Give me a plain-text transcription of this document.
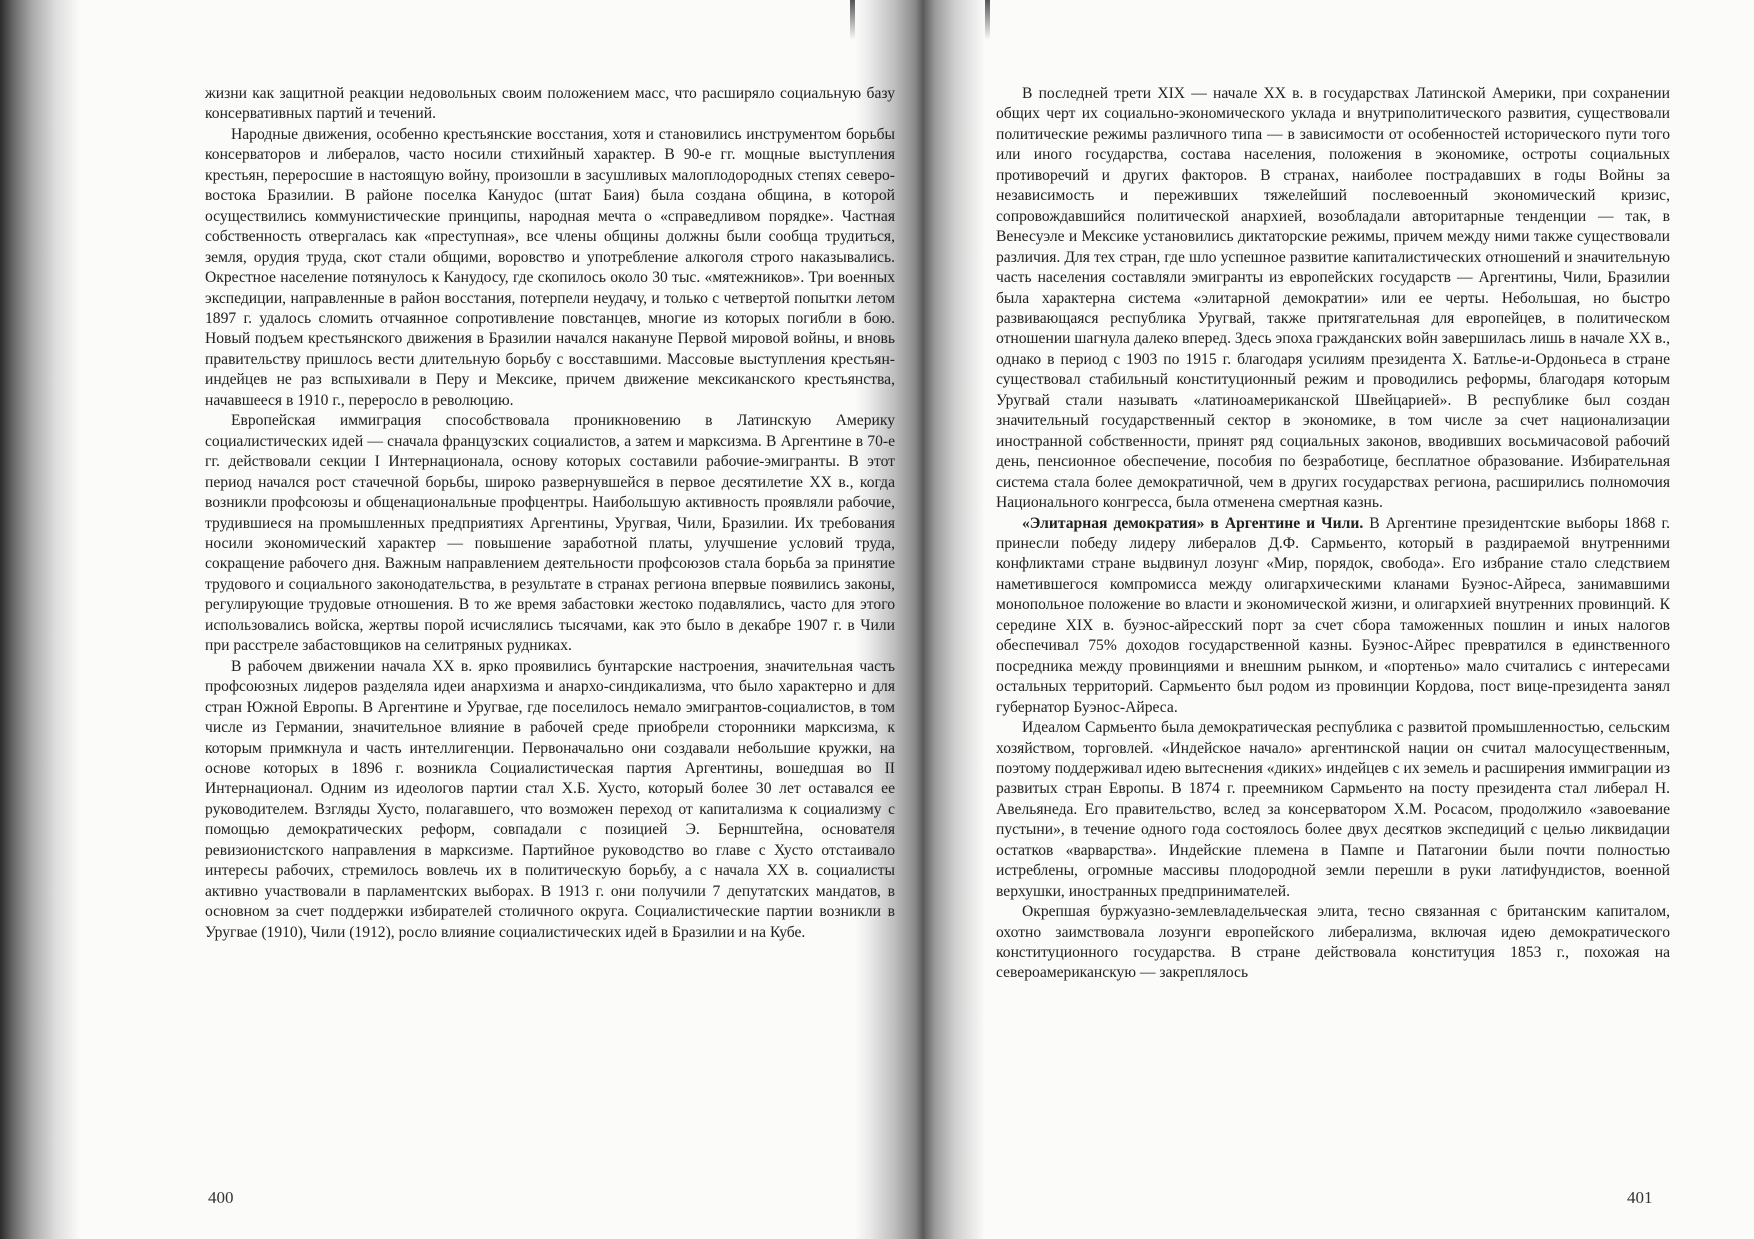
жизни как защитной реакции недовольных своим положением масс, что расширяло социальную базу консервативных партий и течений.

Народные движения, особенно крестьянские восстания, хотя и становились инструментом борьбы консерваторов и либералов, часто носили стихийный характер. В 90-е гг. мощные выступления крестьян, переросшие в настоящую войну, произошли в засушливых малоплодородных степях северо-востока Бразилии. В районе поселка Канудос (штат Баия) была создана община, в которой осуществились коммунистические принципы, народная мечта о «справедливом порядке». Частная собственность отвергалась как «преступная», все члены общины должны были сообща трудиться, земля, орудия труда, скот стали общими, воровство и употребление алкоголя строго наказывались. Окрестное население потянулось к Канудосу, где скопилось около 30 тыс. «мятежников». Три военных экспедиции, направленные в район восстания, потерпели неудачу, и только с четвертой попытки летом 1897 г. удалось сломить отчаянное сопротивление повстанцев, многие из которых погибли в бою. Новый подъем крестьянского движения в Бразилии начался накануне Первой мировой войны, и вновь правительству пришлось вести длительную борьбу с восставшими. Массовые выступления крестьян-индейцев не раз вспыхивали в Перу и Мексике, причем движение мексиканского крестьянства, начавшееся в 1910 г., переросло в революцию.

Европейская иммиграция способствовала проникновению в Латинскую Америку социалистических идей — сначала французских социалистов, а затем и марксизма. В Аргентине в 70-е гг. действовали секции I Интернационала, основу которых составили рабочие-эмигранты. В этот период начался рост стачечной борьбы, широко развернувшейся в первое десятилетие XX в., когда возникли профсоюзы и общенациональные профцентры. Наибольшую активность проявляли рабочие, трудившиеся на промышленных предприятиях Аргентины, Уругвая, Чили, Бразилии. Их требования носили экономический характер — повышение заработной платы, улучшение условий труда, сокращение рабочего дня. Важным направлением деятельности профсоюзов стала борьба за принятие трудового и социального законодательства, в результате в странах региона впервые появились законы, регулирующие трудовые отношения. В то же время забастовки жестоко подавлялись, часто для этого использовались войска, жертвы порой исчислялись тысячами, как это было в декабре 1907 г. в Чили при расстреле забастовщиков на селитряных рудниках.

В рабочем движении начала XX в. ярко проявились бунтарские настроения, значительная часть профсоюзных лидеров разделяла идеи анархизма и анархо-синдикализма, что было характерно и для стран Южной Европы. В Аргентине и Уругвае, где поселилось немало эмигрантов-социалистов, в том числе из Германии, значительное влияние в рабочей среде приобрели сторонники марксизма, к которым примкнула и часть интеллигенции. Первоначально они создавали небольшие кружки, на основе которых в 1896 г. возникла Социалистическая партия Аргентины, вошедшая во II Интернационал. Одним из идеологов партии стал Х.Б. Хусто, который более 30 лет оставался ее руководителем. Взгляды Хусто, полагавшего, что возможен переход от капитализма к социализму с помощью демократических реформ, совпадали с позицией Э. Бернштейна, основателя ревизионистского направления в марксизме. Партийное руководство во главе с Хусто отстаивало интересы рабочих, стремилось вовлечь их в политическую борьбу, а с начала XX в. социалисты активно участвовали в парламентских выборах. В 1913 г. они получили 7 депутатских мандатов, в основном за счет поддержки избирателей столичного округа. Социалистические партии возникли в Уругвае (1910), Чили (1912), росло влияние социалистических идей в Бразилии и на Кубе.

400

В последней трети XIX — начале XX в. в государствах Латинской Америки, при сохранении общих черт их социально-экономического уклада и внутриполитического развития, существовали политические режимы различного типа — в зависимости от особенностей исторического пути того или иного государства, состава населения, положения в экономике, остроты социальных противоречий и других факторов. В странах, наиболее пострадавших в годы Войны за независимость и переживших тяжелейший послевоенный экономический кризис, сопровождавшийся политической анархией, возобладали авторитарные тенденции — так, в Венесуэле и Мексике установились диктаторские режимы, причем между ними также существовали различия. Для тех стран, где шло успешное развитие капиталистических отношений и значительную часть населения составляли эмигранты из европейских государств — Аргентины, Чили, Бразилии была характерна система «элитарной демократии» или ее черты. Небольшая, но быстро развивающаяся республика Уругвай, также притягательная для европейцев, в политическом отношении шагнула далеко вперед. Здесь эпоха гражданских войн завершилась лишь в начале XX в., однако в период с 1903 по 1915 г. благодаря усилиям президента Х. Батлье-и-Ордоньеса в стране существовал стабильный конституционный режим и проводились реформы, благодаря которым Уругвай стали называть «латиноамериканской Швейцарией». В республике был создан значительный государственный сектор в экономике, в том числе за счет национализации иностранной собственности, принят ряд социальных законов, вводивших восьмичасовой рабочий день, пенсионное обеспечение, пособия по безработице, бесплатное образование. Избирательная система стала более демократичной, чем в других государствах региона, расширились полномочия Национального конгресса, была отменена смертная казнь.

«Элитарная демократия» в Аргентине и Чили. В Аргентине президентские выборы 1868 г. принесли победу лидеру либералов Д.Ф. Сармьенто, который в раздираемой внутренними конфликтами стране выдвинул лозунг «Мир, порядок, свобода». Его избрание стало следствием наметившегося компромисса между олигархическими кланами Буэнос-Айреса, занимавшими монопольное положение во власти и экономической жизни, и олигархией внутренних провинций. К середине XIX в. буэнос-айресский порт за счет сбора таможенных пошлин и иных налогов обеспечивал 75% доходов государственной казны. Буэнос-Айрес превратился в единственного посредника между провинциями и внешним рынком, и «портеньо» мало считались с интересами остальных территорий. Сармьенто был родом из провинции Кордова, пост вице-президента занял губернатор Буэнос-Айреса.

Идеалом Сармьенто была демократическая республика с развитой промышленностью, сельским хозяйством, торговлей. «Индейское начало» аргентинской нации он считал малосущественным, поэтому поддерживал идею вытеснения «диких» индейцев с их земель и расширения иммиграции из развитых стран Европы. В 1874 г. преемником Сармьенто на посту президента стал либерал Н. Авельянеда. Его правительство, вслед за консерватором Х.М. Росасом, продолжило «завоевание пустыни», в течение одного года состоялось более двух десятков экспедиций с целью ликвидации остатков «варварства». Индейские племена в Пампе и Патагонии были почти полностью истреблены, огромные массивы плодородной земли перешли в руки латифундистов, военной верхушки, иностранных предпринимателей.

Окрепшая буржуазно-землевладельческая элита, тесно связанная с британским капиталом, охотно заимствовала лозунги европейского либерализма, включая идею демократического конституционного государства. В стране действовала конституция 1853 г., похожая на североамериканскую — закреплялось

401
